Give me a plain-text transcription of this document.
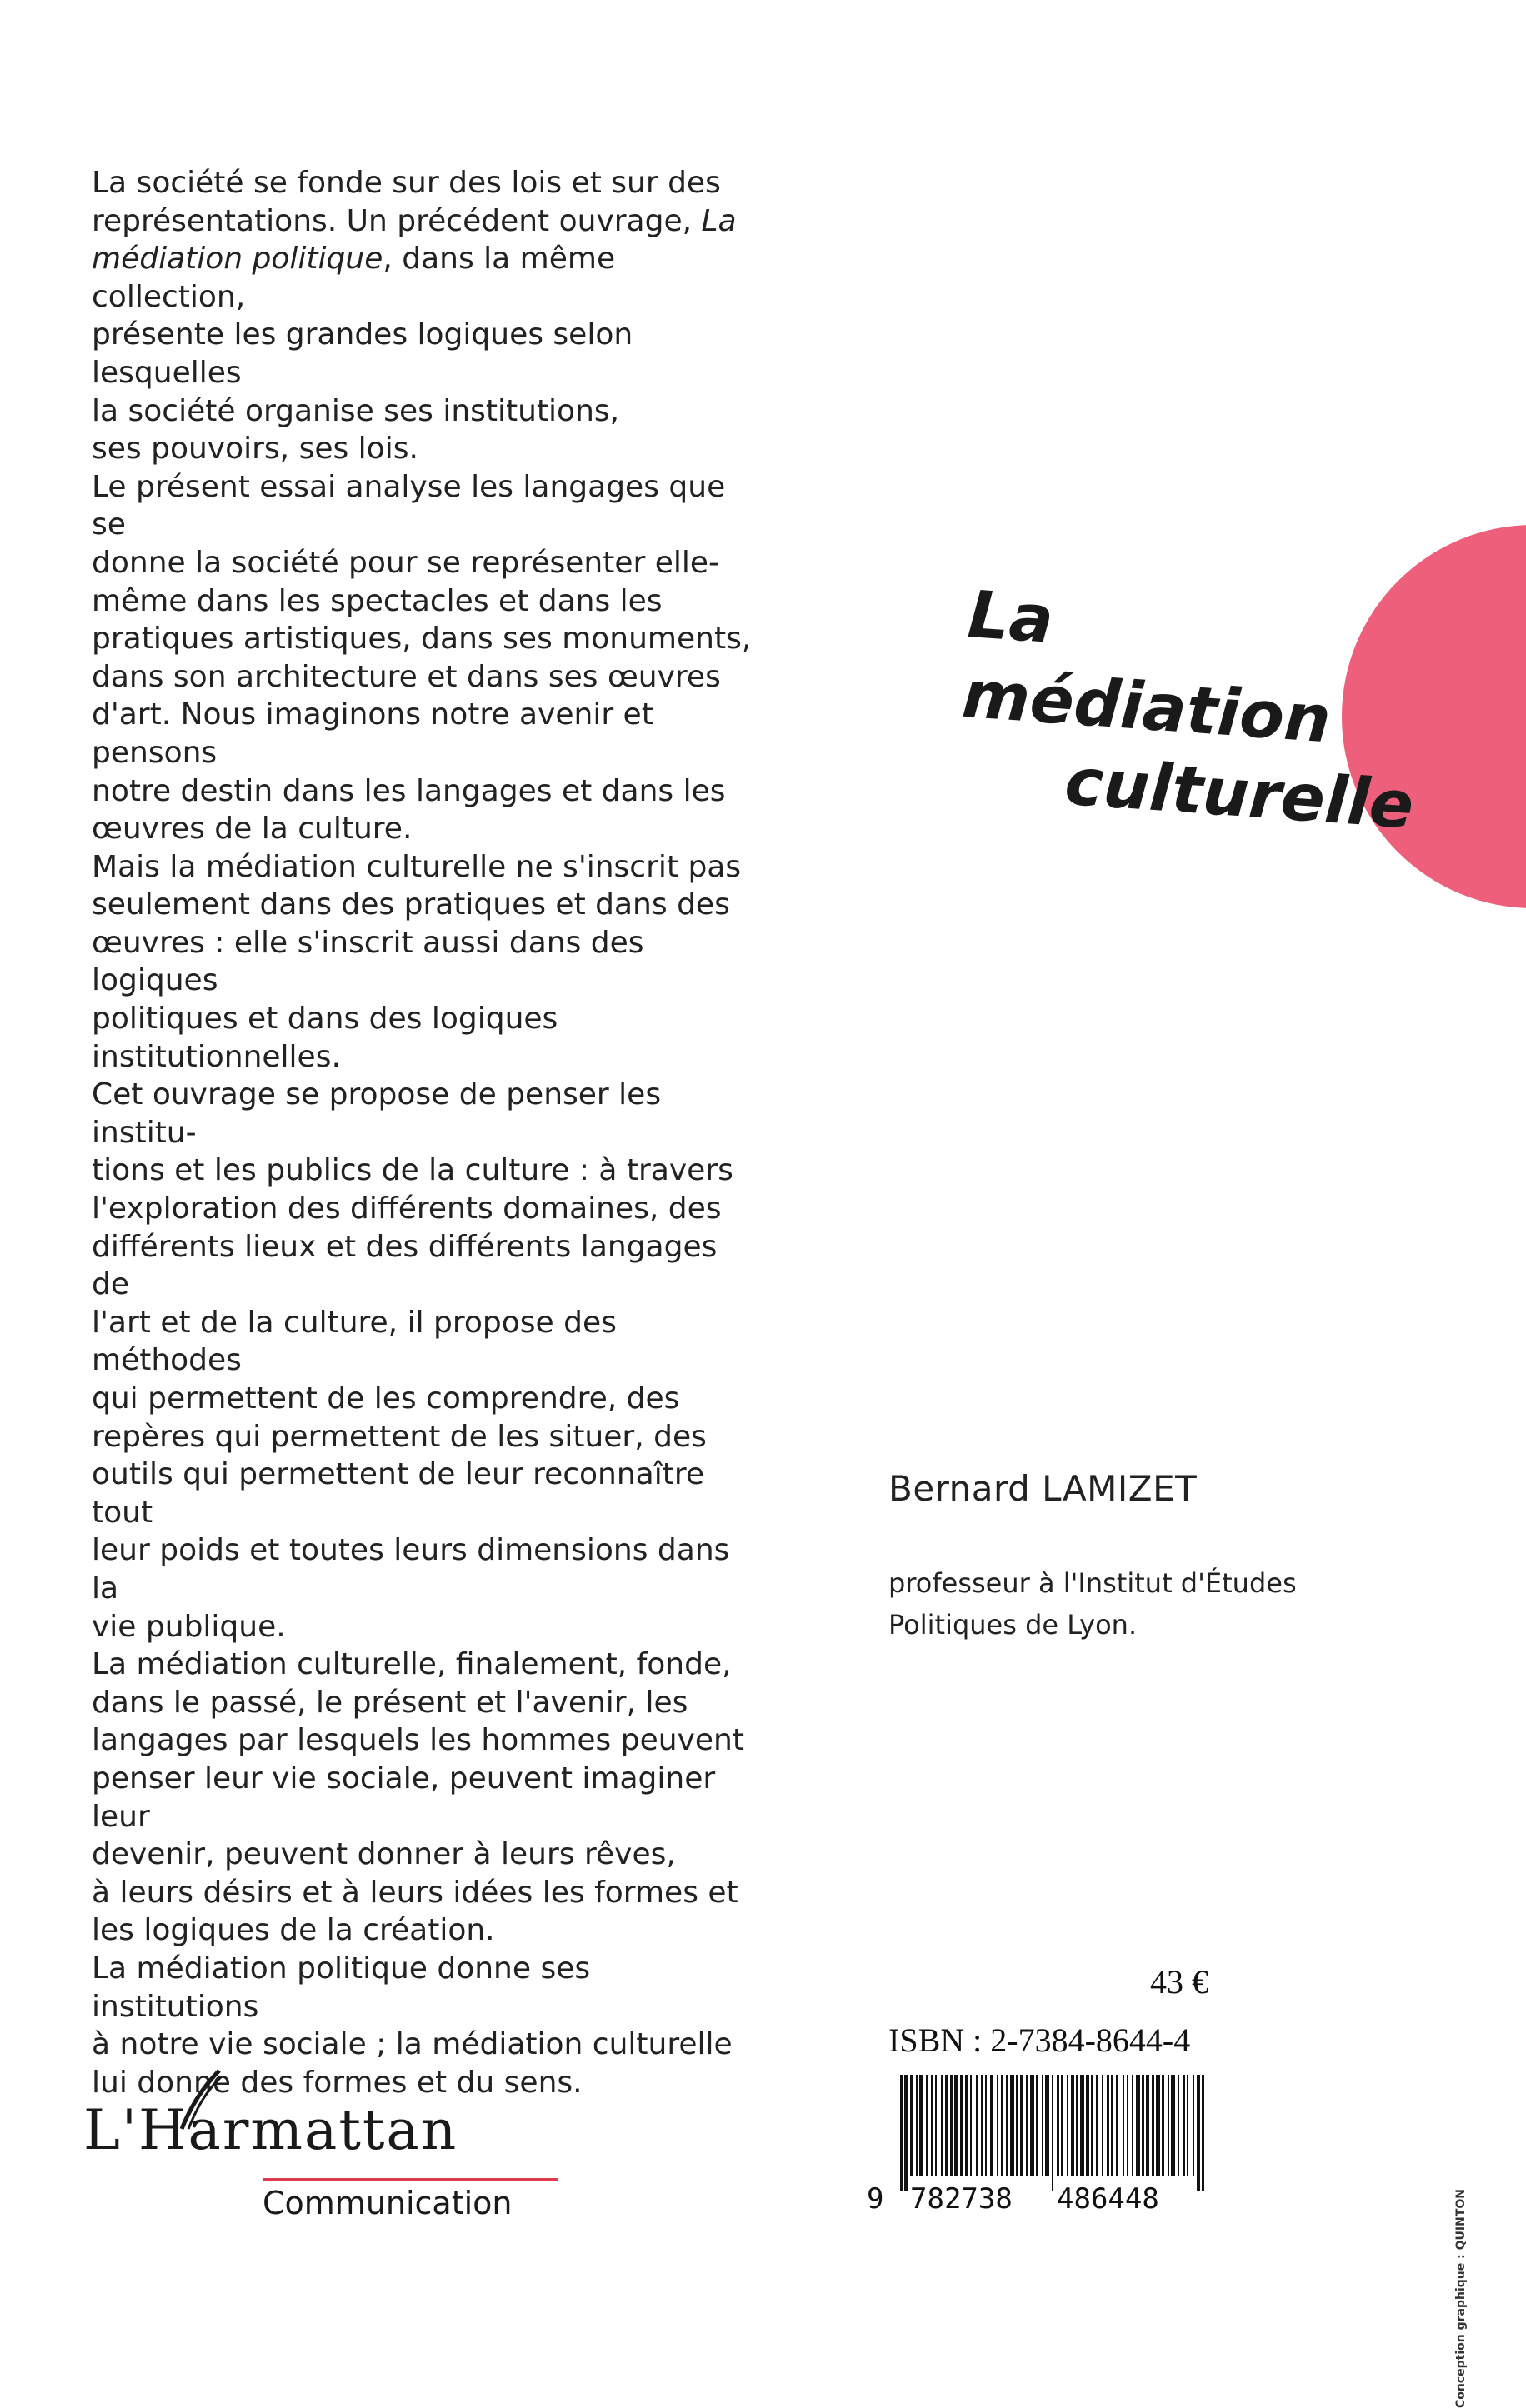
La société se fonde sur des lois et sur des
représentations. Un précédent ouvrage, La
médiation politique, dans la même collection,
présente les grandes logiques selon lesquelles
la société organise ses institutions,
ses pouvoirs, ses lois.

Le présent essai analyse les langages que se
donne la société pour se représenter elle-
même dans les spectacles et dans les
pratiques artistiques, dans ses monuments,
dans son architecture et dans ses œuvres
d'art. Nous imaginons notre avenir et pensons
notre destin dans les langages et dans les
œuvres de la culture.

Mais la médiation culturelle ne s'inscrit pas
seulement dans des pratiques et dans des
œuvres : elle s'inscrit aussi dans des logiques
politiques et dans des logiques
institutionnelles.

Cet ouvrage se propose de penser les institu-
tions et les publics de la culture : à travers
l'exploration des différents domaines, des
différents lieux et des différents langages de
l'art et de la culture, il propose des méthodes
qui permettent de les comprendre, des
repères qui permettent de les situer, des
outils qui permettent de leur reconnaître tout
leur poids et toutes leurs dimensions dans la
vie publique.

La médiation culturelle, finalement, fonde,
dans le passé, le présent et l'avenir, les
langages par lesquels les hommes peuvent
penser leur vie sociale, peuvent imaginer leur
devenir, peuvent donner à leurs rêves,
à leurs désirs et à leurs idées les formes et
les logiques de la création.

La médiation politique donne ses institutions
à notre vie sociale ; la médiation culturelle
lui donne des formes et du sens.

La médiation
culturelle
Bernard LAMIZET
professeur à l'Institut d'Études
Politiques de Lyon.
43 €
ISBN : 2-7384-8644-4
9 782738 486448
L'Harmattan
Communication	Conception graphique : QUINTON
